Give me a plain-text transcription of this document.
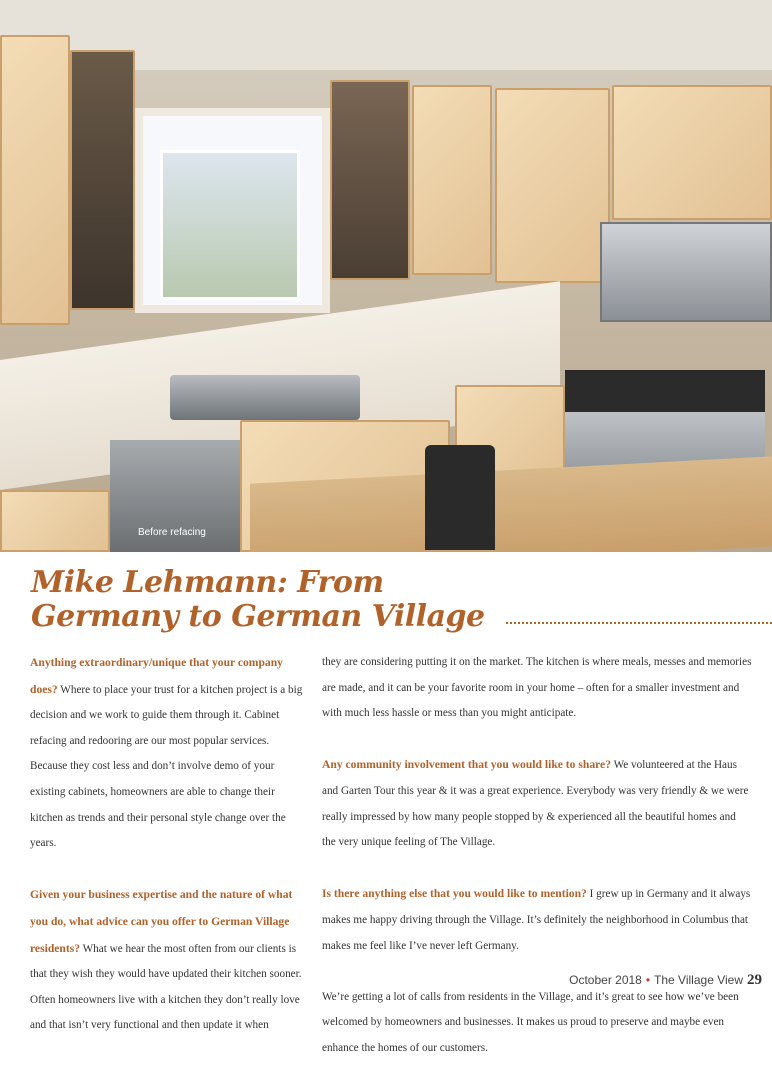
Before refacing
Mike Lehmann: From
Germany to German Village

Anything extraordinary/unique that your company does? Where to place your trust for a kitchen project is a big decision and we work to guide them through it. Cabinet refacing and redooring are our most popular services. Because they cost less and don’t involve demo of your existing cabinets, homeowners are able to change their kitchen as trends and their personal style change over the years.

Given your business expertise and the nature of what you do, what advice can you offer to German Village residents? What we hear the most often from our clients is that they wish they would have updated their kitchen sooner. Often homeowners live with a kitchen they don’t really love and that isn’t very functional and then update it when

they are considering putting it on the market. The kitchen is where meals, messes and memories are made, and it can be your favorite room in your home – often for a smaller investment and with much less hassle or mess than you might anticipate.

Any community involvement that you would like to share? We volunteered at the Haus and Garten Tour this year & it was a great experience. Everybody was very friendly & we were really impressed by how many people stopped by & experienced all the beautiful homes and the very unique feeling of The Village.

Is there anything else that you would like to mention? I grew up in Germany and it always makes me happy driving through the Village. It’s definitely the neighborhood in Columbus that makes me feel like I’ve never left Germany.

We’re getting a lot of calls from residents in the Village, and it’s great to see how we’ve been welcomed by homeowners and businesses. It makes us proud to preserve and maybe even enhance the homes of our customers.

October 2018 • The Village View 29
